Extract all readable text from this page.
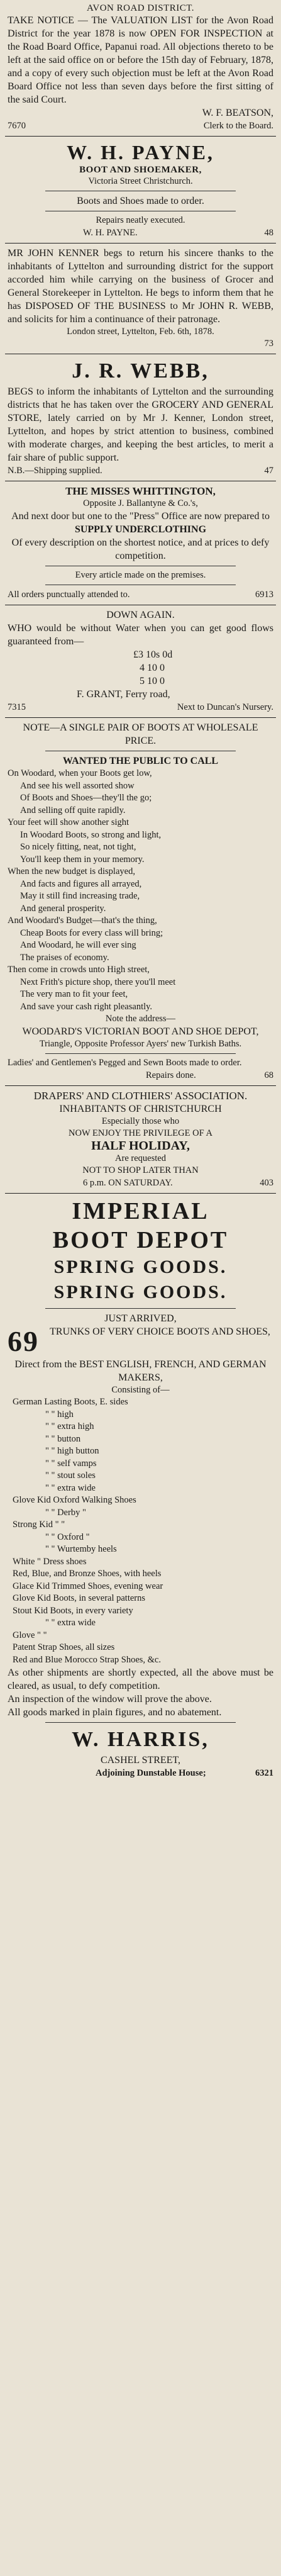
AVON ROAD DISTRICT.

TAKE NOTICE — The VALUATION LIST for the Avon Road District for the year 1878 is now OPEN FOR INSPECTION at the Road Board Office, Papanui road. All objections thereto to be left at the said office on or before the 15th day of February, 1878, and a copy of every such objection must be left at the Avon Road Board Office not less than seven days before the first sitting of the said Court.

W. F. BEATSON,

7670	Clerk to the Board.

W. H. PAYNE,

BOOT AND SHOEMAKER,

Victoria Street Christchurch.

Boots and Shoes made to order.

Repairs neatly executed.

W. H. PAYNE.	48

MR JOHN KENNER begs to return his sincere thanks to the inhabitants of Lyttelton and surrounding district for the support accorded him while carrying on the business of Grocer and General Storekeeper in Lyttelton. He begs to inform them that he has DISPOSED OF THE BUSINESS to Mr JOHN R. WEBB, and solicits for him a continuance of their patronage.

London street, Lyttelton, Feb. 6th, 1878.

73

J. R. WEBB,

BEGS to inform the inhabitants of Lyttelton and the surrounding districts that he has taken over the GROCERY AND GENERAL STORE, lately carried on by Mr J. Kenner, London street, Lyttelton, and hopes by strict attention to business, combined with moderate charges, and keeping the best articles, to merit a fair share of public support.

N.B.—Shipping supplied.	47

THE MISSES WHITTINGTON,

Opposite J. Ballantyne & Co.'s,

And next door but one to the "Press" Office are now prepared to

SUPPLY UNDERCLOTHING

Of every description on the shortest notice, and at prices to defy competition.

Every article made on the premises.

All orders punctually attended to.	6913

DOWN AGAIN.

WHO would be without Water when you can get good flows guaranteed from—

£3 10s 0d

4 10 0

5 10 0

F. GRANT, Ferry road,

7315	Next to Duncan's Nursery.

NOTE—A SINGLE PAIR OF BOOTS AT WHOLESALE PRICE.

WANTED THE PUBLIC TO CALL

On Woodard, when your Boots get low,

And see his well assorted show

Of Boots and Shoes—they'll the go;

And selling off quite rapidly.

Your feet will show another sight

In Woodard Boots, so strong and light,

So nicely fitting, neat, not tight,

You'll keep them in your memory.

When the new budget is displayed,

And facts and figures all arrayed,

May it still find increasing trade,

And general prosperity.

And Woodard's Budget—that's the thing,

Cheap Boots for every class will bring;

And Woodard, he will ever sing

The praises of economy.

Then come in crowds unto High street,

Next Frith's picture shop, there you'll meet

The very man to fit your feet,

And save your cash right pleasantly.

Note the address—

WOODARD'S VICTORIAN BOOT AND SHOE DEPOT,

Triangle, Opposite Professor Ayers' new Turkish Baths.

Ladies' and Gentlemen's Pegged and Sewn Boots made to order.

Repairs done.	68

DRAPERS' AND CLOTHIERS' ASSOCIATION.

INHABITANTS OF CHRISTCHURCH

Especially those who

NOW ENJOY THE PRIVILEGE OF A

HALF HOLIDAY,

Are requested

NOT TO SHOP LATER THAN

6 p.m. ON SATURDAY.	403

IMPERIAL

BOOT DEPOT

SPRING GOODS.

SPRING GOODS.

JUST ARRIVED,

69	TRUNKS OF VERY CHOICE BOOTS AND SHOES,

Direct from the BEST ENGLISH, FRENCH, AND GERMAN MAKERS,

Consisting of—

German Lasting Boots, E. sides

" " high

" " extra high

" " button

" " high button

" " self vamps

" " stout soles

" " extra wide

Glove Kid Oxford Walking Shoes

" " Derby "

Strong Kid " "

" " Oxford "

" " Wurtemby heels

White " Dress shoes

Red, Blue, and Bronze Shoes, with heels

Glace Kid Trimmed Shoes, evening wear

Glove Kid Boots, in several patterns

Stout Kid Boots, in every variety

" " extra wide

Glove " "

Patent Strap Shoes, all sizes

Red and Blue Morocco Strap Shoes, &c.

As other shipments are shortly expected, all the above must be cleared, as usual, to defy competition.

An inspection of the window will prove the above.

All goods marked in plain figures, and no abatement.

W. HARRIS,

CASHEL STREET,

Adjoining Dunstable House;	6321
